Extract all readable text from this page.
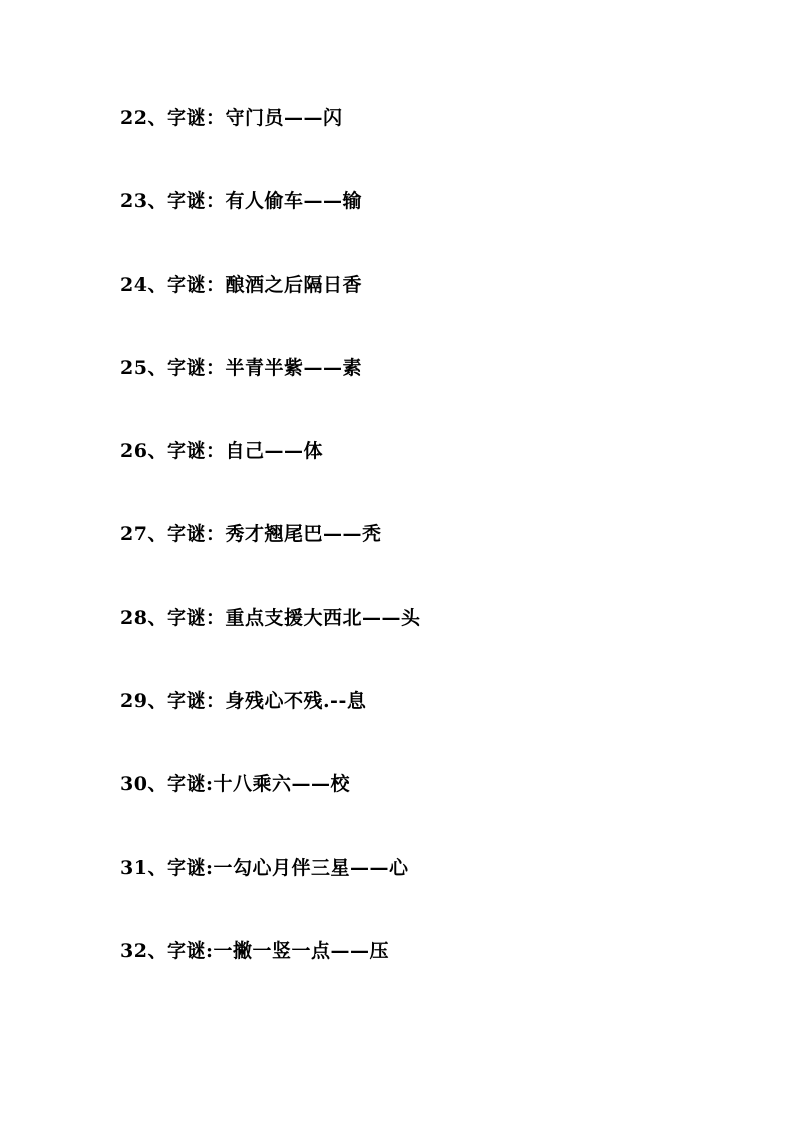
22、字谜：守门员——闪
23、字谜：有人偷车——输
24、字谜：酿酒之后隔日香
25、字谜：半青半紫——素
26、字谜：自己——体
27、字谜：秀才翘尾巴——秃
28、字谜：重点支援大西北——头
29、字谜：身残心不残.--息
30、字谜:十八乘六——校
31、字谜:一勾心月伴三星——心
32、字谜:一撇一竖一点——压
